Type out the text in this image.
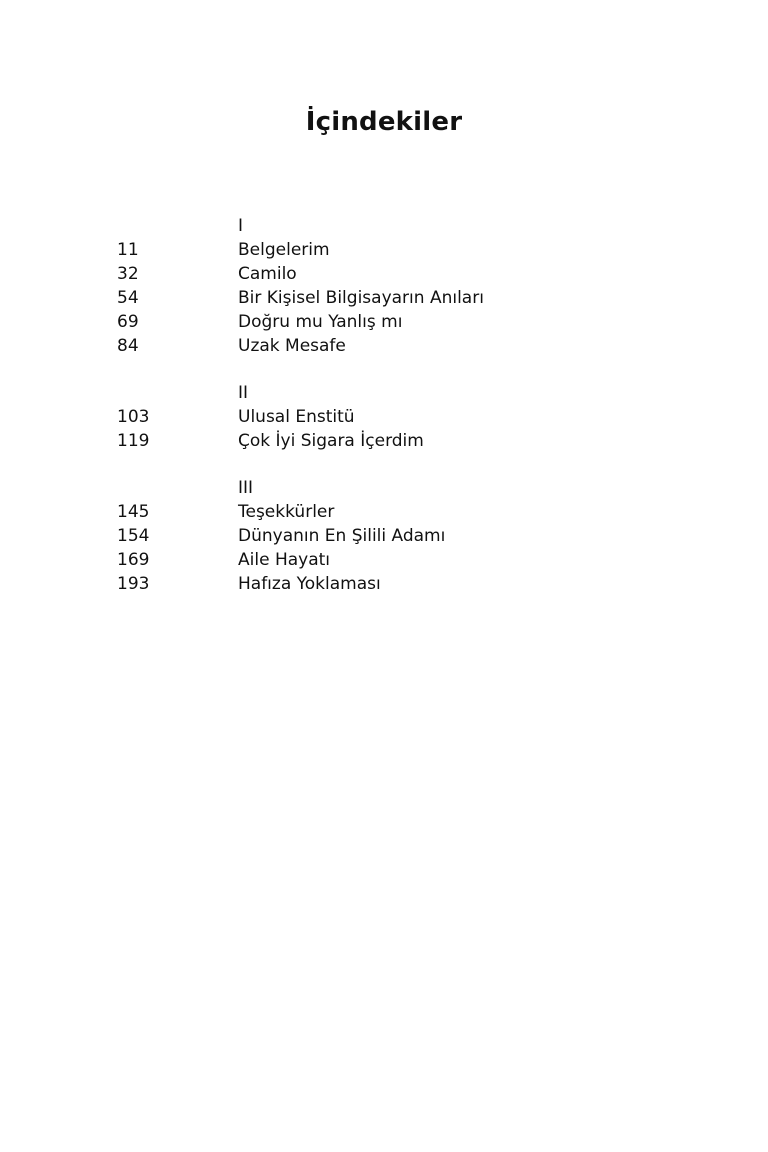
İçindekiler
I
11	Belgelerim
32	Camilo
54	Bir Kişisel Bilgisayarın Anıları
69	Doğru mu Yanlış mı
84	Uzak Mesafe
II
103	Ulusal Enstitü
119	Çok İyi Sigara İçerdim
III
145	Teşekkürler
154	Dünyanın En Şilili Adamı
169	Aile Hayatı
193	Hafıza Yoklaması
